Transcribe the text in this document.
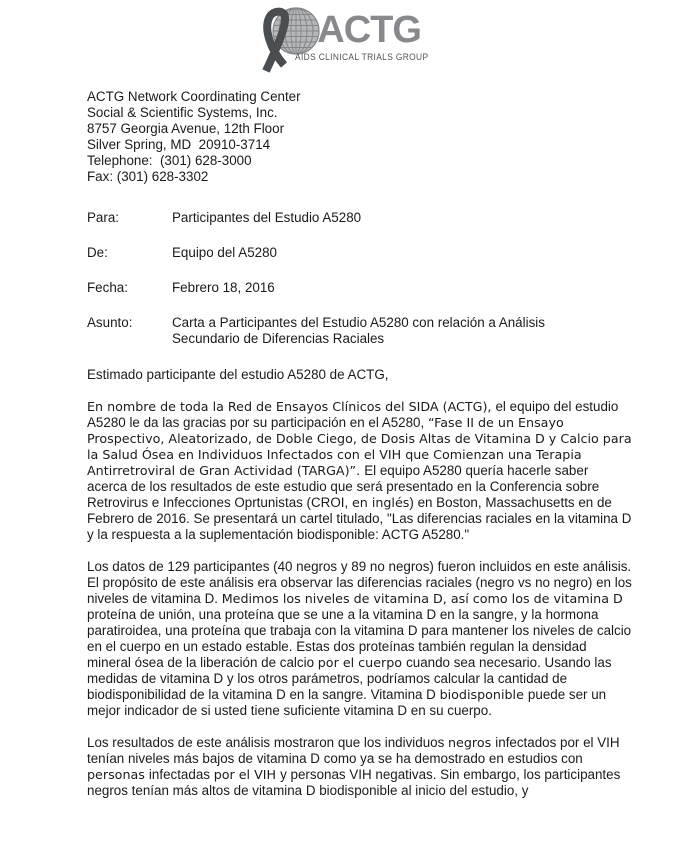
ACTG
AIDS CLINICAL TRIALS GROUP
ACTG Network Coordinating Center
Social & Scientific Systems, Inc.
8757 Georgia Avenue, 12th Floor
Silver Spring, MD  20910-3714
Telephone:  (301) 628-3000
Fax: (301) 628-3302
Para:	Participantes del Estudio A5280
De:	Equipo del A5280
Fecha:	Febrero 18, 2016
Asunto:	Carta a Participantes del Estudio A5280 con relación a Análisis Secundario de Diferencias Raciales

Estimado participante del estudio A5280 de ACTG,

En nombre de toda la Red de Ensayos Clínicos del SIDA (ACTG), el equipo del estudio A5280 le da las gracias por su participación en el A5280, “Fase II de un Ensayo Prospectivo, Aleatorizado, de Doble Ciego, de Dosis Altas de Vitamina D y Calcio para la Salud Ósea en Individuos Infectados con el VIH que Comienzan una Terapia Antirretroviral de Gran Actividad (TARGA)”. El equipo A5280 quería hacerle saber acerca de los resultados de este estudio que será presentado en la Conferencia sobre Retrovirus e Infecciones Oprtunistas (CROI, en inglés) en Boston, Massachusetts en de Febrero de 2016. Se presentará un cartel titulado, "Las diferencias raciales en la vitamina D y la respuesta a la suplementación biodisponible: ACTG A5280."

Los datos de 129 participantes (40 negros y 89 no negros) fueron incluidos en este análisis. El propósito de este análisis era observar las diferencias raciales (negro vs no negro) en los niveles de vitamina D. Medimos los niveles de vitamina D, así como los de vitamina D proteína de unión, una proteína que se une a la vitamina D en la sangre, y la hormona paratiroidea, una proteína que trabaja con la vitamina D para mantener los niveles de calcio en el cuerpo en un estado estable. Estas dos proteínas también regulan la densidad mineral ósea de la liberación de calcio por el cuerpo cuando sea necesario. Usando las medidas de vitamina D y los otros parámetros, podríamos calcular la cantidad de biodisponibilidad de la vitamina D en la sangre. Vitamina D biodisponible puede ser un mejor indicador de si usted tiene suficiente vitamina D en su cuerpo.

Los resultados de este análisis mostraron que los individuos negros infectados por el VIH tenían niveles más bajos de vitamina D como ya se ha demostrado en estudios con personas infectadas por el VIH y personas VIH negativas. Sin embargo, los participantes negros tenían más altos de vitamina D biodisponible al inicio del estudio, y
